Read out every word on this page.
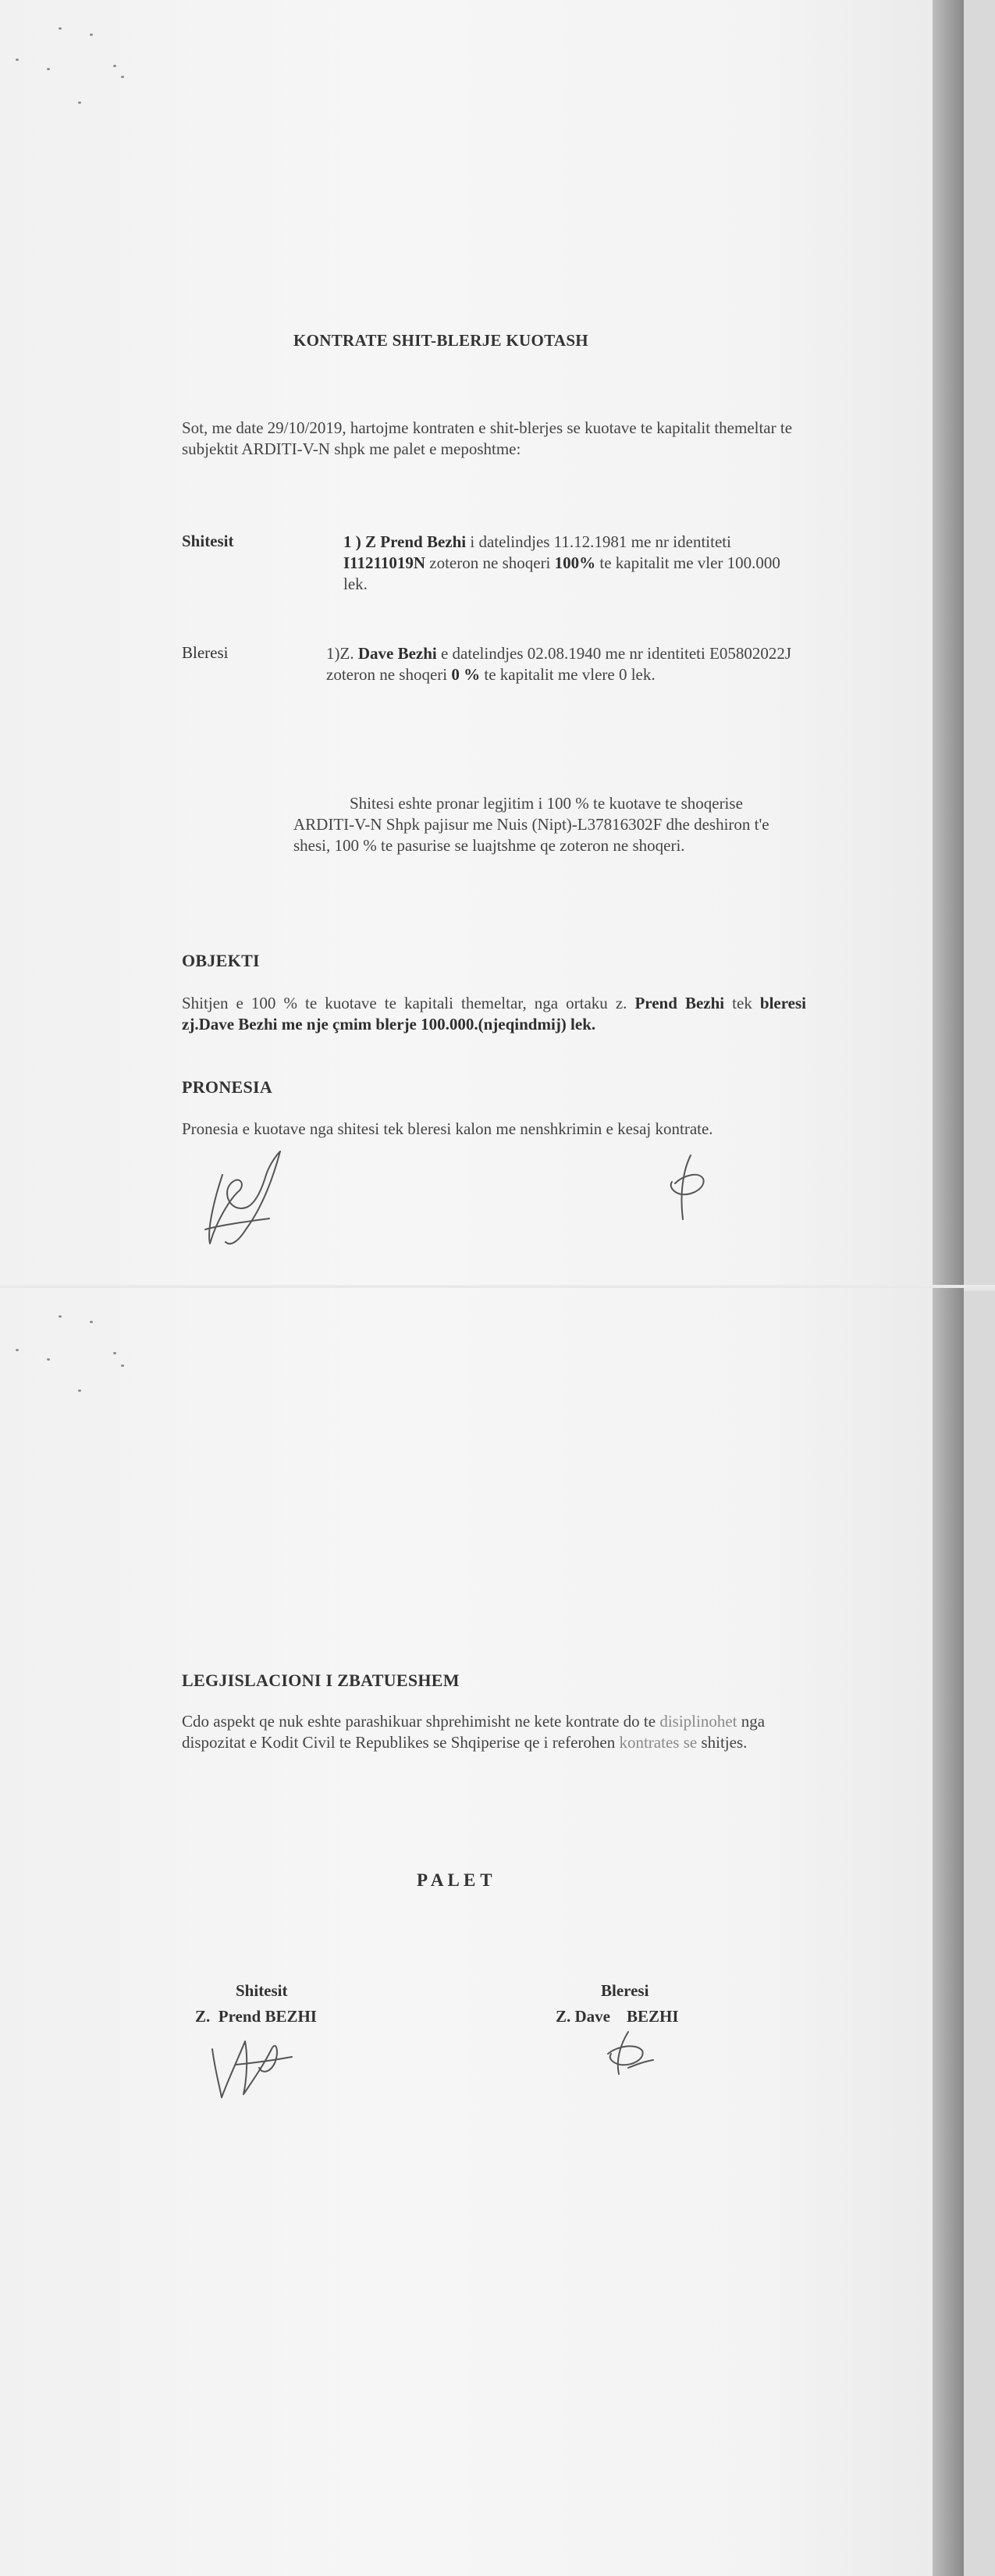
KONTRATE SHIT-BLERJE KUOTASH
Sot, me date 29/10/2019, hartojme kontraten e shit-blerjes se kuotave te kapitalit themeltar te subjektit ARDITI-V-N shpk me palet e meposhtme:
Shitesit	1 ) Z Prend Bezhi i datelindjes 11.12.1981 me nr identiteti I11211019N zoteron ne shoqeri 100% te kapitalit me vler 100.000 lek.
Bleresi	1)Z. Dave Bezhi e datelindjes 02.08.1940 me nr identiteti E05802022J zoteron ne shoqeri 0 % te kapitalit me vlere 0 lek.
Shitesi eshte pronar legjitim i 100 % te kuotave te shoqerise ARDITI-V-N Shpk pajisur me Nuis (Nipt)-L37816302F dhe deshiron t'e shesi, 100 % te pasurise se luajtshme qe zoteron ne shoqeri.
OBJEKTI
Shitjen e 100 % te kuotave te kapitali themeltar, nga ortaku z. Prend Bezhi tek bleresi zj.Dave Bezhi me nje çmim blerje 100.000.(njeqindmij) lek.
PRONESIA
Pronesia e kuotave nga shitesi tek bleresi kalon me nenshkrimin e kesaj kontrate.
LEGJISLACIONI I ZBATUESHEM
Cdo aspekt qe nuk eshte parashikuar shprehimisht ne kete kontrate do te disiplinohet nga dispozitat e Kodit Civil te Republikes se Shqiperise qe i referohen kontrates se shitjes.
P A L E T
Shitesit
Z.  Prend BEZHI
Bleresi
Z. Dave    BEZHI
